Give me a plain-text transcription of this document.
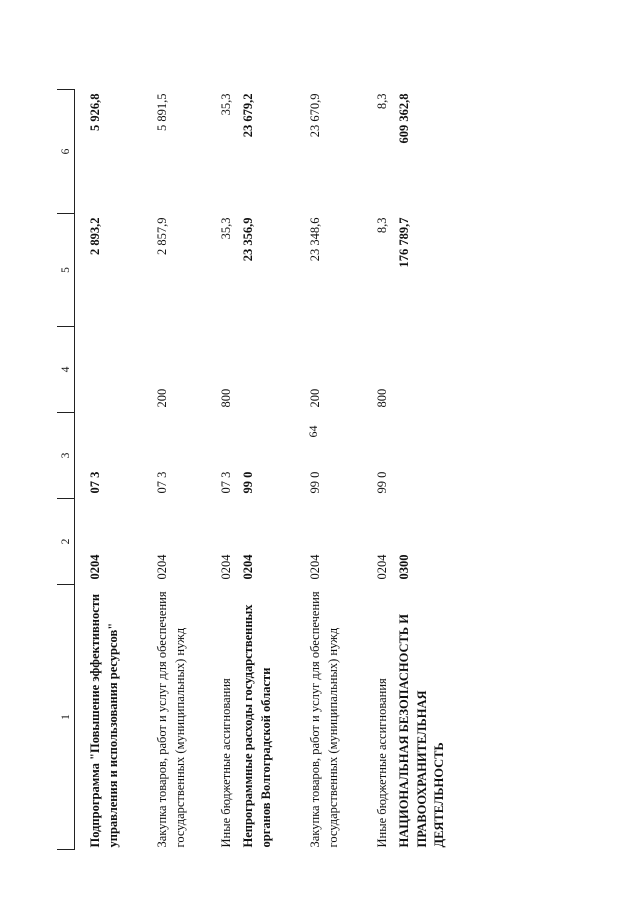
64
1	2	3	4	5	6
Подпрограмма "Повышение эффективности управления и использования ресурсов"	0204	07 3		2 893,2	5 926,8
Закупка товаров, работ и услуг для обеспечения государственных (муниципальных) нужд	0204	07 3	200	2 857,9	5 891,5
Иные бюджетные ассигнования	0204	07 3	800	35,3	35,3
Непрограммные расходы государственных органов Волгоградской области	0204	99 0		23 356,9	23 679,2
Закупка товаров, работ и услуг для обеспечения государственных (муниципальных) нужд	0204	99 0	200	23 348,6	23 670,9
Иные бюджетные ассигнования	0204	99 0	800	8,3	8,3
НАЦИОНАЛЬНАЯ БЕЗОПАСНОСТЬ И ПРАВООХРАНИТЕЛЬНАЯ ДЕЯТЕЛЬНОСТЬ	0300			176 789,7	609 362,8
